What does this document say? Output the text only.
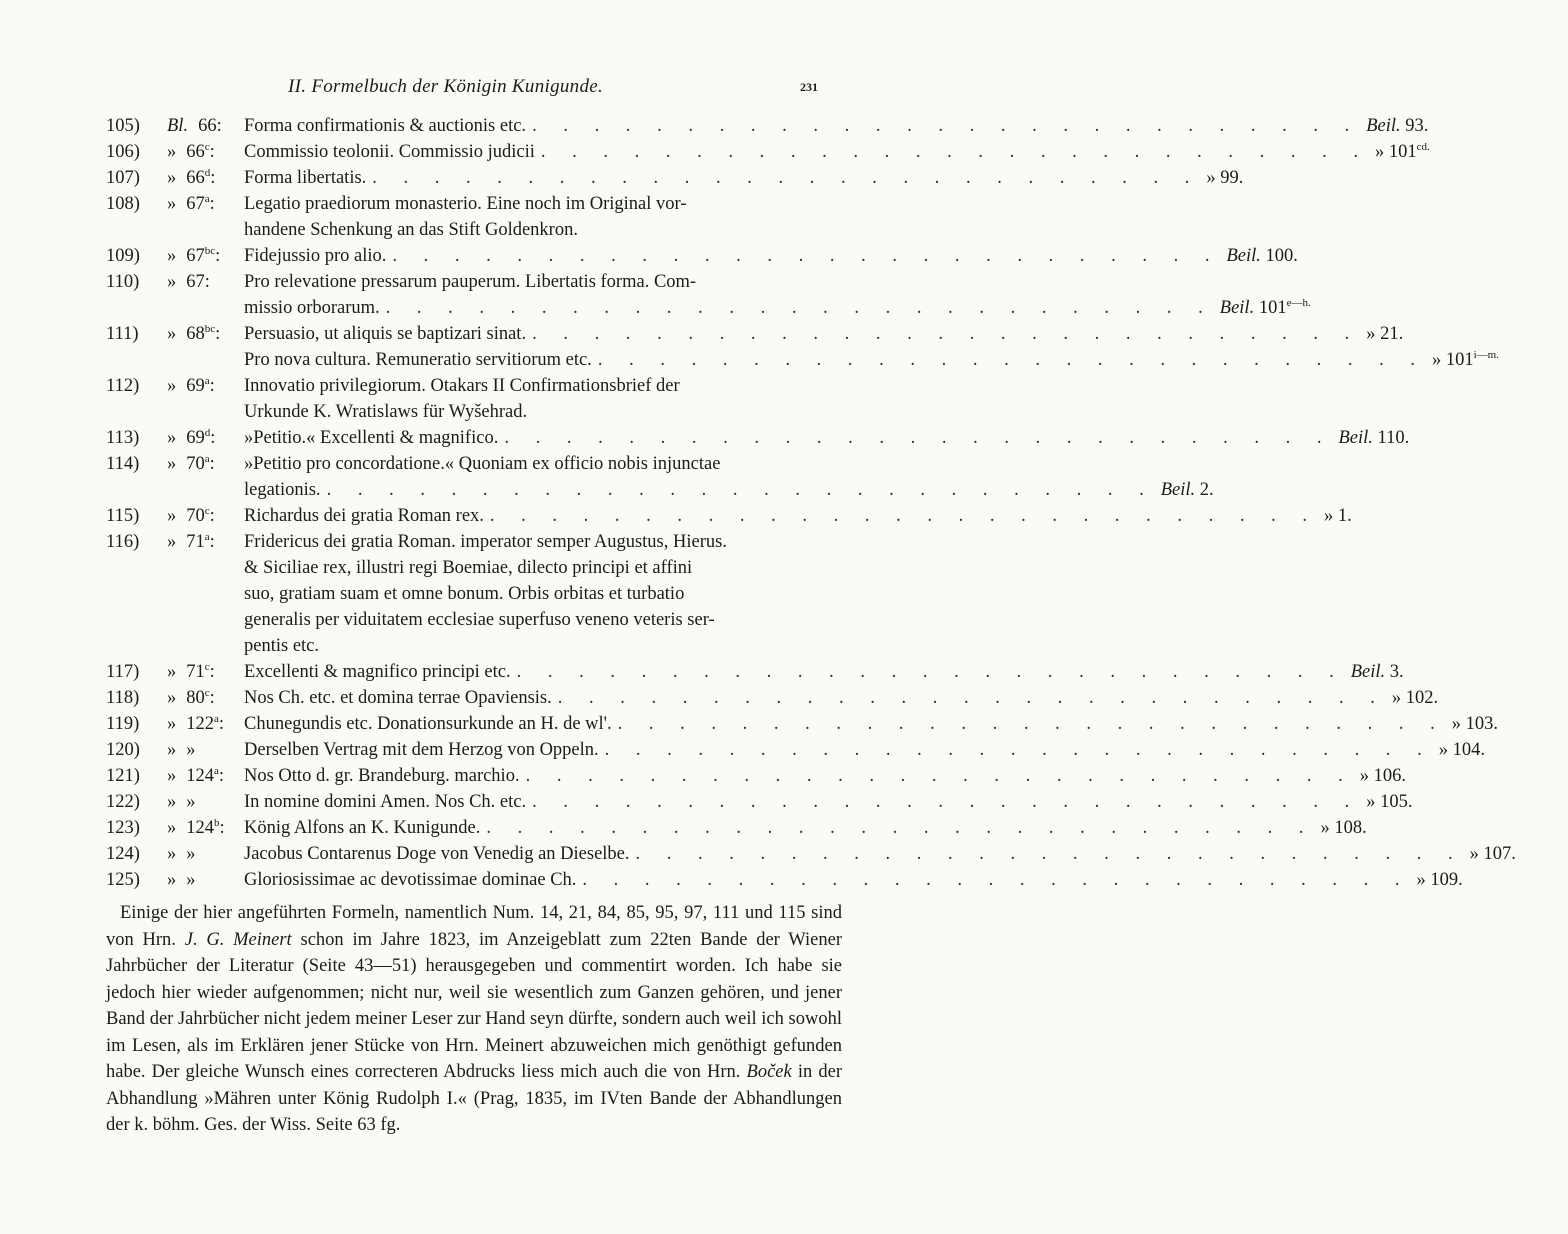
II. Formelbuch der Königin Kunigunde.	231
105)	Bl. 66:	Forma confirmationis & auctionis etc. . . . . . . . . . . . . . . . . . . . . . . . . . . . Beil. 93.
106)	» 66$^c$:	Commissio teolonii. Commissio judicii . . . . . . . . . . . . . . . . . . . . . . . . . . . » $101^{cd.}$
107)	» 66$^d$:	Forma libertatis. . . . . . . . . . . . . . . . . . . . . . . . . . . . » 99.
108)	» 67$^a$:	Legatio praediorum monasterio. Eine noch im Original vor-
handene Schenkung an das Stift Goldenkron.
109)	» $67^{bc}$:	Fidejussio pro alio. . . . . . . . . . . . . . . . . . . . . . . . . . . . Beil. 100.
110)	» 67:	Pro relevatione pressarum pauperum. Libertatis forma. Com-
missio orborarum. . . . . . . . . . . . . . . . . . . . . . . . . . . . Beil. $101^{e—h.}$
111)	» $68^{bc}$:	Persuasio, ut aliquis se baptizari sinat. . . . . . . . . . . . . . . . . . . . . . . . . . . . » 21.
Pro nova cultura. Remuneratio servitiorum etc. . . . . . . . . . . . . . . . . . . . . . . . . . . . » $101^{i—m.}$
112)	» 69$^a$:	Innovatio privilegiorum. Otakars II Confirmationsbrief der
Urkunde K. Wratislaws für Wyšehrad.
113)	» 69$^d$:	»Petitio.« Excellenti & magnifico. . . . . . . . . . . . . . . . . . . . . . . . . . . . Beil. 110.
114)	» 70$^a$:	»Petitio pro concordatione.« Quoniam ex officio nobis injunctae
legationis. . . . . . . . . . . . . . . . . . . . . . . . . . . . Beil. 2.
115)	» 70$^c$:	Richardus dei gratia Roman rex. . . . . . . . . . . . . . . . . . . . . . . . . . . . » 1.
116)	» 71$^a$:	Fridericus dei gratia Roman. imperator semper Augustus, Hierus.
& Siciliae rex, illustri regi Boemiae, dilecto principi et affini
suo, gratiam suam et omne bonum. Orbis orbitas et turbatio
generalis per viduitatem ecclesiae superfuso veneno veteris ser-
pentis etc.
117)	» 71$^c$:	Excellenti & magnifico principi etc. . . . . . . . . . . . . . . . . . . . . . . . . . . . Beil. 3.
118)	» 80$^c$:	Nos Ch. etc. et domina terrae Opaviensis. . . . . . . . . . . . . . . . . . . . . . . . . . . . » 102.
119)	» 122$^a$:	Chunegundis etc. Donationsurkunde an H. de wl'. . . . . . . . . . . . . . . . . . . . . . . . . . . . » 103.
120)	» »	Derselben Vertrag mit dem Herzog von Oppeln. . . . . . . . . . . . . . . . . . . . . . . . . . . . » 104.
121)	» 124$^a$:	Nos Otto d. gr. Brandeburg. marchio. . . . . . . . . . . . . . . . . . . . . . . . . . . . » 106.
122)	» »	In nomine domini Amen. Nos Ch. etc. . . . . . . . . . . . . . . . . . . . . . . . . . . . » 105.
123)	» 124$^b$:	König Alfons an K. Kunigunde. . . . . . . . . . . . . . . . . . . . . . . . . . . . » 108.
124)	» »	Jacobus Contarenus Doge von Venedig an Dieselbe. . . . . . . . . . . . . . . . . . . . . . . . . . . . » 107.
125)	» »	Gloriosissimae ac devotissimae dominae Ch. . . . . . . . . . . . . . . . . . . . . . . . . . . . » 109.
Einige der hier angeführten Formeln, namentlich Num. 14, 21, 84, 85, 95, 97, 111 und 115 sind von Hrn. J. G. Meinert schon im Jahre 1823, im Anzeigeblatt zum 22ten Bande der Wiener Jahrbücher der Literatur (Seite 43—51) herausgegeben und commentirt worden. Ich habe sie jedoch hier wieder aufgenommen; nicht nur, weil sie wesentlich zum Ganzen gehören, und jener Band der Jahrbücher nicht jedem meiner Leser zur Hand seyn dürfte, sondern auch weil ich sowohl im Lesen, als im Erklären jener Stücke von Hrn. Meinert abzuweichen mich genöthigt gefunden habe. Der gleiche Wunsch eines correcteren Abdrucks liess mich auch die von Hrn. Boček in der Abhandlung »Mähren unter König Rudolph I.« (Prag, 1835, im IVten Bande der Abhandlungen der k. böhm. Ges. der Wiss. Seite 63 fg.
